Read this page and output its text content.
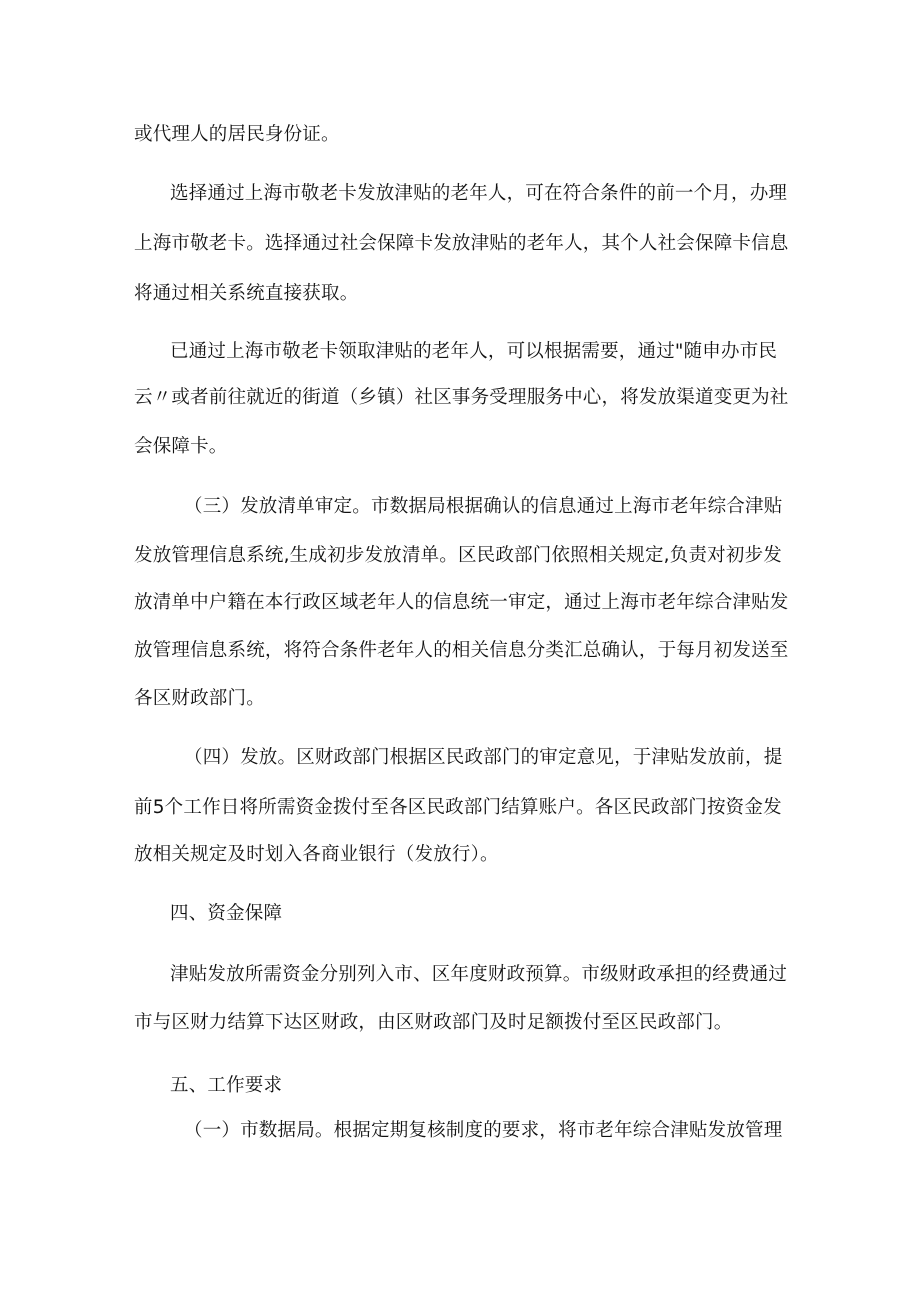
或代理人的居民身份证。
选择通过上海市敬老卡发放津贴的老年人，可在符合条件的前一个月，办理
上海市敬老卡。选择通过社会保障卡发放津贴的老年人，其个人社会保障卡信息
将通过相关系统直接获取。
已通过上海市敬老卡领取津贴的老年人，可以根据需要，通过"随申办市民
云〃或者前往就近的街道（乡镇）社区事务受理服务中心，将发放渠道变更为社
会保障卡。
（三）发放清单审定。市数据局根据确认的信息通过上海市老年综合津贴
发放管理信息系统,生成初步发放清单。区民政部门依照相关规定,负责对初步发
放清单中户籍在本行政区域老年人的信息统一审定，通过上海市老年综合津贴发
放管理信息系统，将符合条件老年人的相关信息分类汇总确认，于每月初发送至
各区财政部门。
（四）发放。区财政部门根据区民政部门的审定意见，于津贴发放前，提
前5个工作日将所需资金拨付至各区民政部门结算账户。各区民政部门按资金发
放相关规定及时划入各商业银行（发放行）。
四、资金保障
津贴发放所需资金分别列入市、区年度财政预算。市级财政承担的经费通过
市与区财力结算下达区财政，由区财政部门及时足额拨付至区民政部门。
五、工作要求
（一）市数据局。根据定期复核制度的要求，将市老年综合津贴发放管理
